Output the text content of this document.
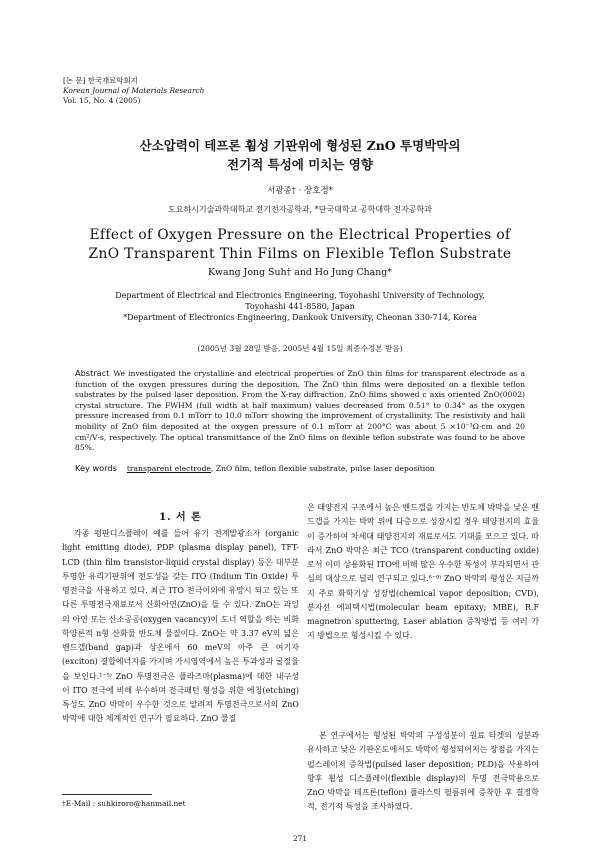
[논 문] 한국재료학회지
Korean Journal of Materials Research
Vol. 15, No. 4 (2005)
산소압력이 테프론 휨성 기판위에 형성된 ZnO 투명박막의
전기적 특성에 미치는 영향
서광종† · 장호정*
도요하시기술과학대학교 전기전자공학과, *단국대학교 공학대학 전자공학과
Effect of Oxygen Pressure on the Electrical Properties of
ZnO Transparent Thin Films on Flexible Teflon Substrate
Kwang Jong Suh† and Ho Jung Chang*
Department of Electrical and Electronics Engineering, Toyohashi University of Technology,
Toyohashi 441-8580, Japan
*Department of Electronics Engineering, Dankook University, Cheonan 330-714, Korea
(2005년 3월 28일 받음, 2005년 4월 15일 최종수정본 받음)
Abstract We investigated the crystalline and electrical properties of ZnO thin films for transparent electrode as a function of the oxygen pressures during the deposition. The ZnO thin films were deposited on a flexible teflon substrates by the pulsed laser deposition. From the X-ray diffraction, ZnO films showed c axis oriented ZnO(0002) crystal structure. The FWHM (full width at half maximum) values decreased from 0.51° to 0.34° as the oxygen pressure increased from 0.1 mTorr to 10.0 mTorr showing the improvement of crystallinity. The resistivity and hall mobility of ZnO film deposited at the oxygen pressure of 0.1 mTorr at 200°C was about 5 ×10⁻³Ω·cm and 20 cm²/V·s, respectively. The optical transmittance of the ZnO films on flexible teflon substrate was found to be above 85%.
Key words transparent electrode, ZnO film, teflon flexible substrate, pulse laser deposition
1. 서 론
각종 평판디스플레이 예를 들어 유기 전계발광소자 (organic light emitting diode), PDP (plasma display panel), TFT-LCD (thin film transistor-liquid crystal display) 등은 대부분 투명한 유리기판위에 전도성을 갖는 ITO (Indium Tin Oxide) 투명전극을 사용하고 있다. 최근 ITO 전극이외에 유망시 되고 있는 또 다른 투명전극재료로서 산화아연(ZnO)을 들 수 있다. ZnO는 과잉의 아연 또는 산소공공(oxygen vacancy)이 도너 역할을 하는 비화학양론적 n형 산화물 반도체 물질이다. ZnO는 약 3.37 eV의 넓은 밴드갭(band gap)과 상온에서 60 meV의 아주 큰 여기자(exciton) 결합에너지를 가지며 가시영역에서 높은 투과성과 굴절율을 보인다.¹⁻⁵⁾ ZnO 투명전극은 플라즈마(plasma)에 대한 내구성이 ITO 전극에 비해 우수하며 전극패턴 형성을 위한 에칭(etching) 특성도 ZnO 박막이 우수한 것으로 알려져 투명전극으로서의 ZnO 박막에 대한 체계적인 연구가 필요하다. ZnO 물질
은 태양전지 구조에서 높은 밴드갭을 가지는 반도체 박막을 낮은 밴드갭을 가지는 박막 위에 다층으로 성장시킬 경우 태양전지의 효율이 증가하여 차세대 태양전지의 재료로서도 기대를 모으고 있다. 따라서 ZnO 박막은 최근 TCO (transparent conducting oxide)로서 이미 상용화된 ITO에 비해 많은 우수한 특성이 부각되면서 관심의 대상으로 널리 연구되고 있다.⁶⁻⁹⁾ ZnO 박막의 형성은 지금까지 주로 화학기상 성장법(chemical vapor deposition; CVD), 분자선 에피택시법(molecular beam epitaxy; MBE), R.F magnetron sputtering, Laser ablation 증착방법 등 여러 가지 방법으로 형성시킬 수 있다.
본 연구에서는 형성된 박막의 구성성분이 원료 타겟의 성분과 유사하고 낮은 기판온도에서도 박막이 형성되어지는 장점을 가지는 펄스레이저 증착법(pulsed laser deposition; PLD)을 사용하여 향후 휨성 디스플레이(flexible display)의 투명 전극막용으로 ZnO 박막을 테프론(teflon) 플라스틱 필름위에 증착한 후 결정학적, 전기적 특성을 조사하였다.
†E-Mail : suhkiroro@hanmail.net
271
